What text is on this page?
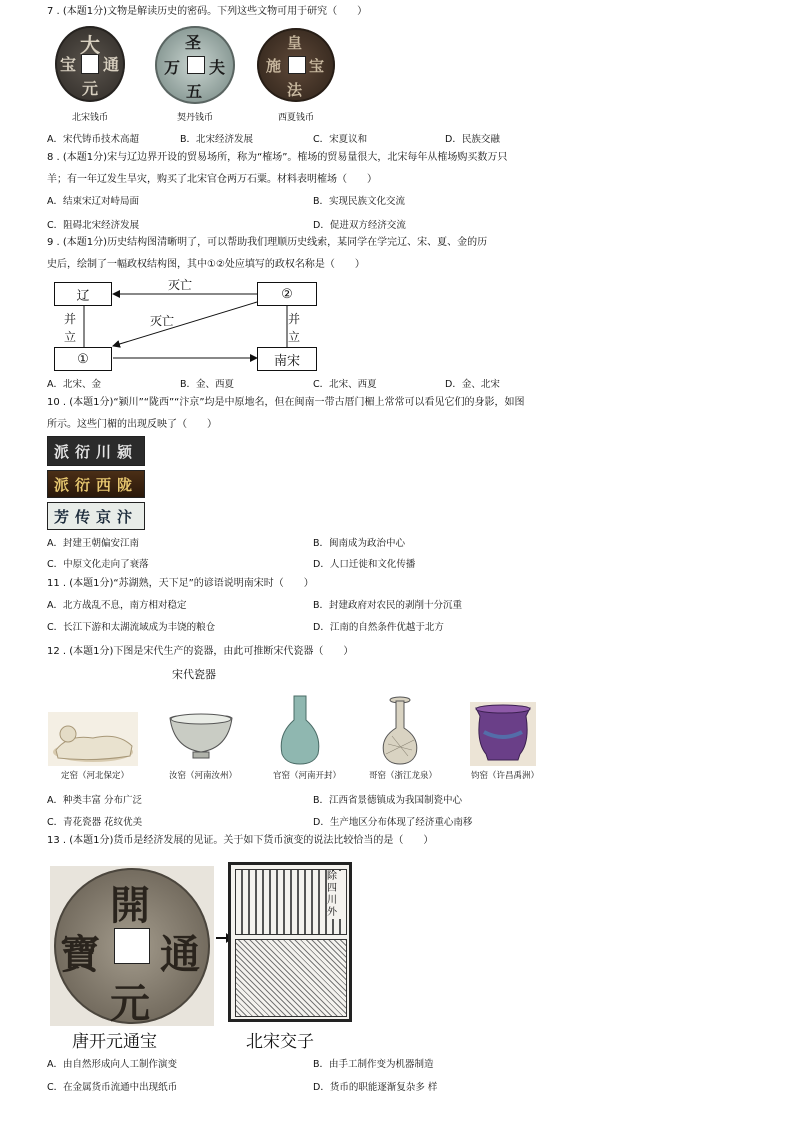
7 . (本题1分)文物是解读历史的密码。下列这些文物可用于研究（　　）
大
通
元
宝
北宋钱币
圣
夫
五
万
契丹钱币
皇
宝
法
施
西夏钱币
A．宋代铸币技术高超	B．北宋经济发展	C．宋夏议和	D．民族交融
8 . (本题1分)宋与辽边界开设的贸易场所，称为“榷场”。榷场的贸易量很大，北宋每年从榷场购买数万只
羊；有一年辽发生旱灾，购买了北宋官仓两万石粟。材料表明榷场（　　）
A．结束宋辽对峙局面	B．实现民族文化交流
C．阻碍北宋经济发展	D．促进双方经济交流
9 . (本题1分)历史结构图清晰明了，可以帮助我们理顺历史线索，某同学在学完辽、宋、夏、金的历
史后，绘制了一幅政权结构图，其中①②处应填写的政权名称是（　　）
辽	②
①	南宋
灭亡
灭亡
并立
并立
A．北宋、金	B．金、西夏	C．北宋、西夏	D．金、北宋
10 . (本题1分)“颍川”“陇西”“汴京”均是中原地名，但在闽南一带古厝门楣上常常可以看见它们的身影，如图
所示。这些门楣的出现反映了（　　）
派衍川颍
派衍西陇
芳传京汴
A．封建王朝偏安江南	B．闽南成为政治中心
C．中原文化走向了衰落	D．人口迁徙和文化传播
11 . (本题1分)“苏湖熟，天下足”的谚语说明南宋时（　　）
A．北方战乱不息，南方相对稳定	B．封建政府对农民的剥削十分沉重
C．长江下游和太湖流域成为丰饶的粮仓	D．江南的自然条件优越于北方
12 . (本题1分)下图是宋代生产的瓷器，由此可推断宋代瓷器（　　）
宋代瓷器
定窑（河北保定）	汝窑（河南汝州）	官窑（河南开封）	哥窑（浙江龙泉）	钧窑（许昌禹洲）
A．种类丰富 分布广泛	B．江西省景德镇成为我国制瓷中心
C．青花瓷器 花纹优美	D．生产地区分布体现了经济重心南移
13 . (本题1分)货币是经济发展的见证。关于如下货币演变的说法比较恰当的是（　　）
開
通
元
寶
除四川外
唐开元通宝	北宋交子
A．由自然形成向人工制作演变	B．由手工制作变为机器制造
C．在金属货币流通中出现纸币	D．货币的职能逐渐复杂多 样
